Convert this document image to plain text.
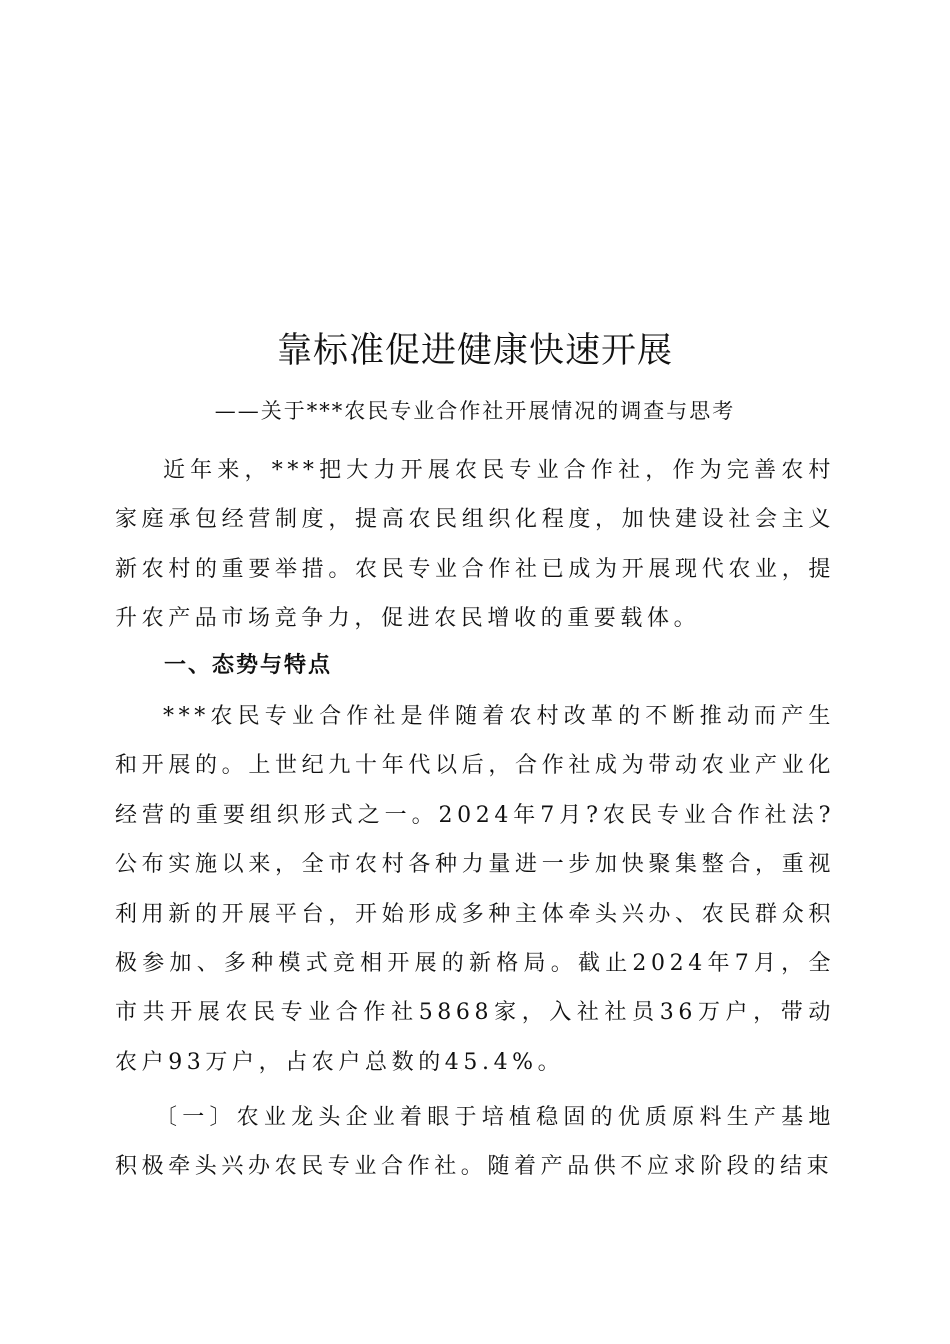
靠标准促进健康快速开展

——关于***农民专业合作社开展情况的调查与思考

近年来，***把大力开展农民专业合作社，作为完善农村家庭承包经营制度，提高农民组织化程度，加快建设社会主义新农村的重要举措。农民专业合作社已成为开展现代农业，提升农产品市场竞争力，促进农民增收的重要载体。

一、态势与特点

***农民专业合作社是伴随着农村改革的不断推动而产生和开展的。上世纪九十年代以后，合作社成为带动农业产业化经营的重要组织形式之一。2024年7月?农民专业合作社法?公布实施以来，全市农村各种力量进一步加快聚集整合，重视利用新的开展平台，开始形成多种主体牵头兴办、农民群众积极参加、多种模式竞相开展的新格局。截止2024年7月，全市共开展农民专业合作社5868家，入社社员36万户，带动农户93万户，占农户总数的45.4%。

〔一〕农业龙头企业着眼于培植稳固的优质原料生产基地积极牵头兴办农民专业合作社。随着产品供不应求阶段的结束
